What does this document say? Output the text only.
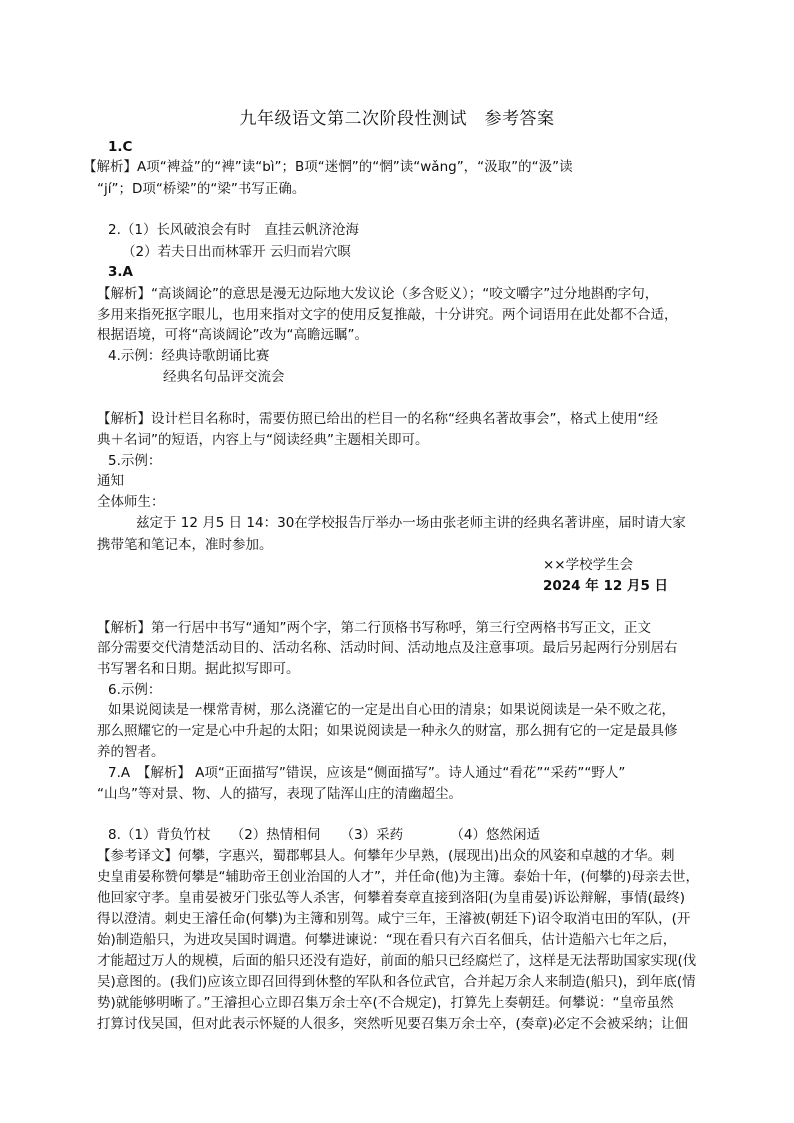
九年级语文第二次阶段性测试　参考答案
1.C
【解析】A项“裨益”的“裨”读“bì”；B项“迷惘”的“惘”读“wǎng”，“汲取”的“汲”读
“jí”；D项“桥梁”的“梁”书写正确。
2.（1）长风破浪会有时　直挂云帆济沧海
（2）若夫日出而林霏开 云归而岩穴暝
3.A
【解析】“高谈阔论”的意思是漫无边际地大发议论（多含贬义）；“咬文嚼字”过分地斟酌字句，
多用来指死抠字眼儿，也用来指对文字的使用反复推敲，十分讲究。两个词语用在此处都不合适，
根据语境，可将“高谈阔论”改为“高瞻远瞩”。
4.示例：经典诗歌朗诵比赛
经典名句品评交流会
【解析】设计栏目名称时，需要仿照已给出的栏目一的名称“经典名著故事会”，格式上使用“经
典＋名词”的短语，内容上与“阅读经典”主题相关即可。
5.示例：
通知
全体师生：
兹定于 12 月5 日 14：30在学校报告厅举办一场由张老师主讲的经典名著讲座，届时请大家
携带笔和笔记本，准时参加。
××学校学生会
2024 年 12 月5 日
【解析】第一行居中书写“通知”两个字，第二行顶格书写称呼，第三行空两格书写正文，正文
部分需要交代清楚活动目的、活动名称、活动时间、活动地点及注意事项。最后另起两行分别居右
书写署名和日期。据此拟写即可。
6.示例：
如果说阅读是一棵常青树，那么浇灌它的一定是出自心田的清泉；如果说阅读是一朵不败之花，
那么照耀它的一定是心中升起的太阳；如果说阅读是一种永久的财富，那么拥有它的一定是最具修
养的智者。
7.A　【解析】 A项“正面描写”错误，应该是“侧面描写”。诗人通过“看花”“采药”“野人”
“山鸟”等对景、物、人的描写，表现了陆浑山庄的清幽超尘。
8.（1）背负竹杖　　（2）热情相伺　　（3）采药　　　　（4）悠然闲适
【参考译文】何攀，字惠兴，蜀郡郫县人。何攀年少早熟，(展现出)出众的风姿和卓越的才华。刺
史皇甫晏称赞何攀是“辅助帝王创业治国的人才”，并任命(他)为主簿。泰始十年，(何攀的)母亲去世，
他回家守孝。皇甫晏被牙门张弘等人杀害，何攀着奏章直接到洛阳(为皇甫晏)诉讼辩解，事情(最终)
得以澄清。刺史王濬任命(何攀)为主簿和别驾。咸宁三年，王濬被(朝廷下)诏令取消屯田的军队，(开
始)制造船只，为进攻吴国时调遣。何攀进谏说：“现在看只有六百名佃兵，估计造船六七年之后，
才能超过万人的规模，后面的船只还没有造好，前面的船只已经腐烂了，这样是无法帮助国家实现(伐
吴)意图的。(我们)应该立即召回得到休整的军队和各位武官，合并起万余人来制造(船只)，到年底(情
势)就能够明晰了。”王濬担心立即召集万余士卒(不合规定)，打算先上奏朝廷。何攀说：“皇帝虽然
打算讨伐吴国，但对此表示怀疑的人很多，突然听见要召集万余士卒，(奏章)必定不会被采纳；让佃
